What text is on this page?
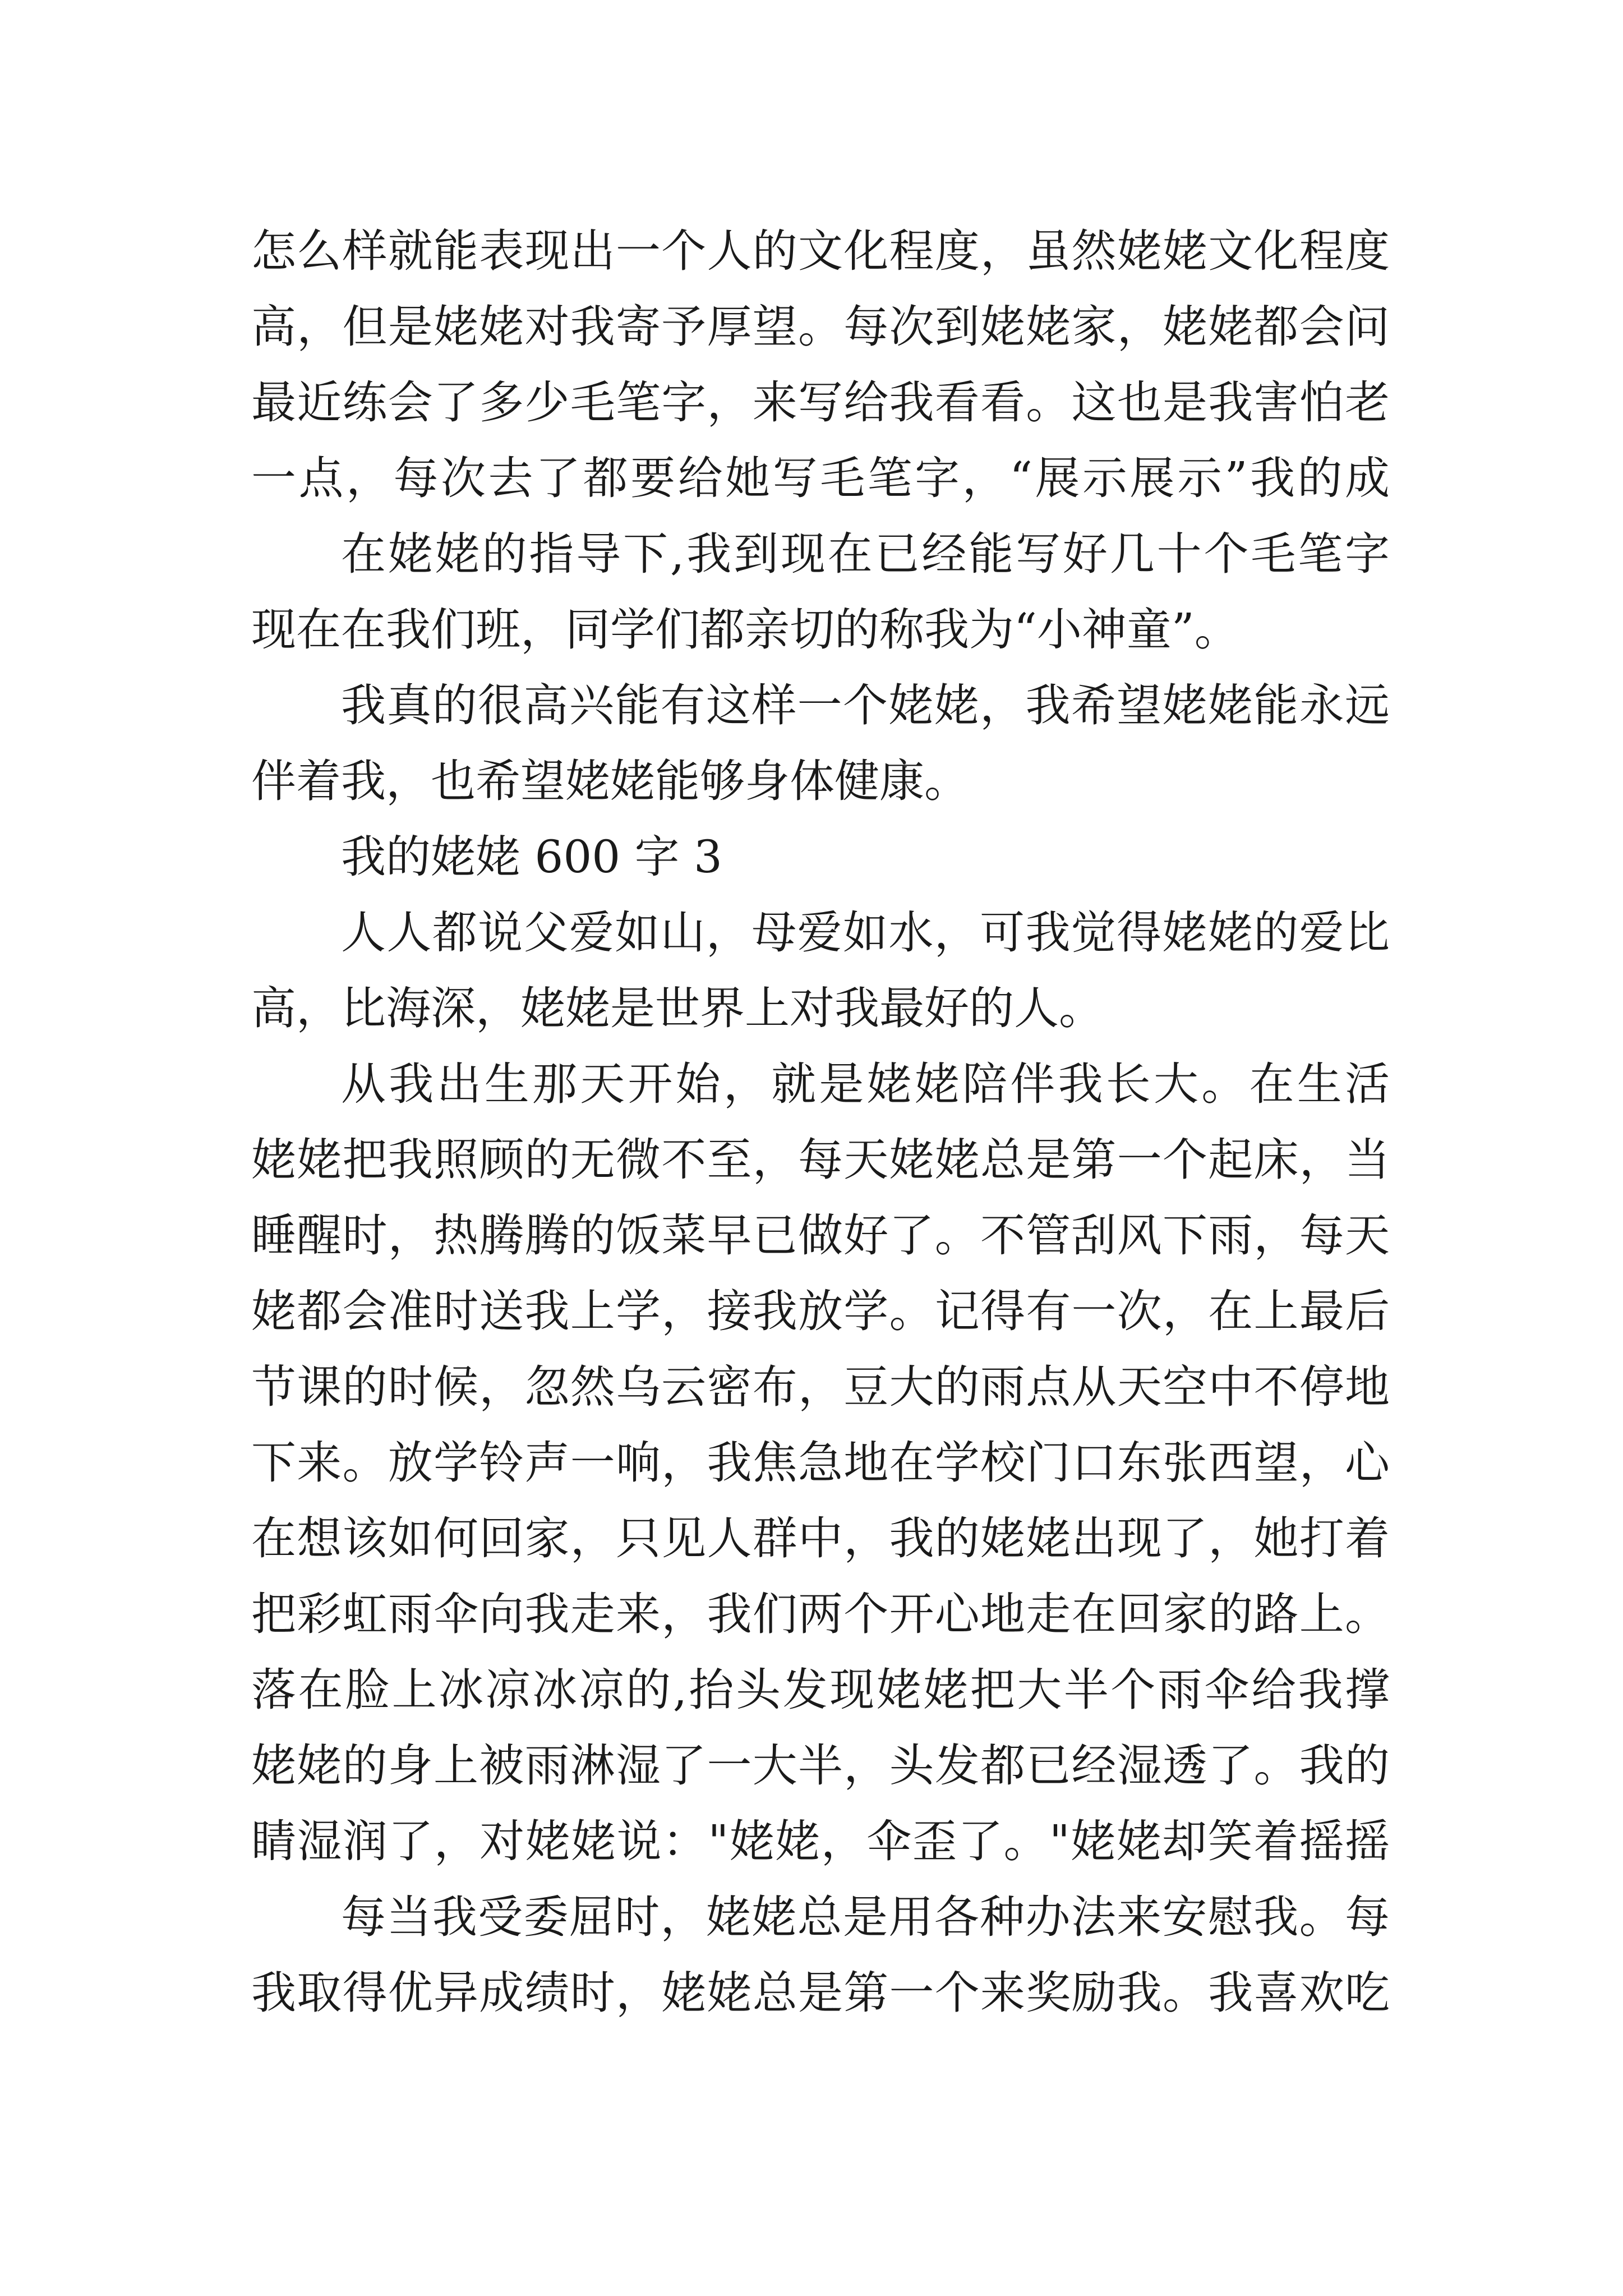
怎么样就能表现出一个人的文化程度，虽然姥姥文化程度
高，但是姥姥对我寄予厚望。每次到姥姥家，姥姥都会问
最近练会了多少毛笔字，来写给我看看。这也是我害怕老
一点，每次去了都要给她写毛笔字，“展示展示”我的成
在姥姥的指导下,我到现在已经能写好几十个毛笔字
现在在我们班，同学们都亲切的称我为“小神童”。
我真的很高兴能有这样一个姥姥，我希望姥姥能永远
伴着我，也希望姥姥能够身体健康。
我的姥姥 600 字 3
人人都说父爱如山，母爱如水，可我觉得姥姥的爱比
高，比海深，姥姥是世界上对我最好的人。
从我出生那天开始，就是姥姥陪伴我长大。在生活
姥姥把我照顾的无微不至，每天姥姥总是第一个起床，当
睡醒时，热腾腾的饭菜早已做好了。不管刮风下雨，每天
姥都会准时送我上学，接我放学。记得有一次，在上最后
节课的时候，忽然乌云密布，豆大的雨点从天空中不停地
下来。放学铃声一响，我焦急地在学校门口东张西望，心
在想该如何回家，只见人群中，我的姥姥出现了，她打着
把彩虹雨伞向我走来，我们两个开心地走在回家的路上。
落在脸上冰凉冰凉的,抬头发现姥姥把大半个雨伞给我撑
姥姥的身上被雨淋湿了一大半，头发都已经湿透了。我的
睛湿润了，对姥姥说："姥姥，伞歪了。"姥姥却笑着摇摇
每当我受委屈时，姥姥总是用各种办法来安慰我。每
我取得优异成绩时，姥姥总是第一个来奖励我。我喜欢吃
